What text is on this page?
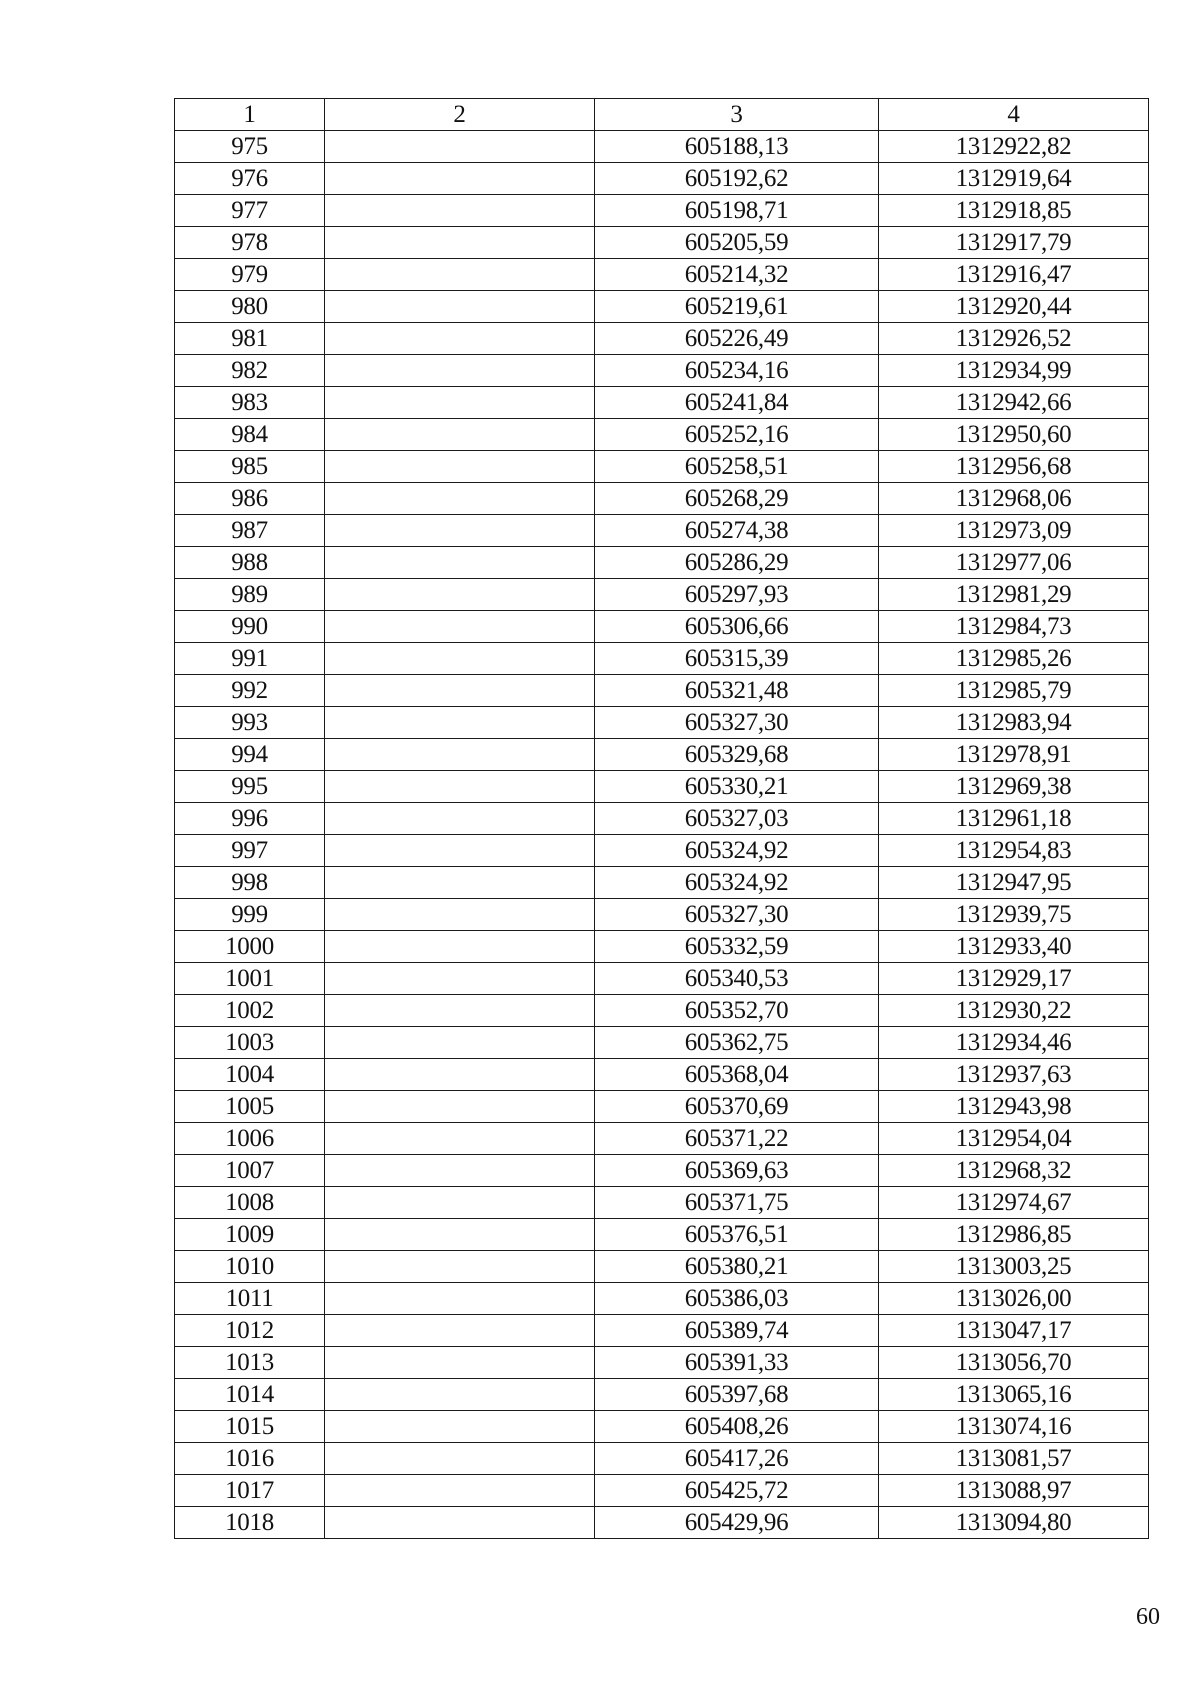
1	2	3	4
975		605188,13	1312922,82
976		605192,62	1312919,64
977		605198,71	1312918,85
978		605205,59	1312917,79
979		605214,32	1312916,47
980		605219,61	1312920,44
981		605226,49	1312926,52
982		605234,16	1312934,99
983		605241,84	1312942,66
984		605252,16	1312950,60
985		605258,51	1312956,68
986		605268,29	1312968,06
987		605274,38	1312973,09
988		605286,29	1312977,06
989		605297,93	1312981,29
990		605306,66	1312984,73
991		605315,39	1312985,26
992		605321,48	1312985,79
993		605327,30	1312983,94
994		605329,68	1312978,91
995		605330,21	1312969,38
996		605327,03	1312961,18
997		605324,92	1312954,83
998		605324,92	1312947,95
999		605327,30	1312939,75
1000		605332,59	1312933,40
1001		605340,53	1312929,17
1002		605352,70	1312930,22
1003		605362,75	1312934,46
1004		605368,04	1312937,63
1005		605370,69	1312943,98
1006		605371,22	1312954,04
1007		605369,63	1312968,32
1008		605371,75	1312974,67
1009		605376,51	1312986,85
1010		605380,21	1313003,25
1011		605386,03	1313026,00
1012		605389,74	1313047,17
1013		605391,33	1313056,70
1014		605397,68	1313065,16
1015		605408,26	1313074,16
1016		605417,26	1313081,57
1017		605425,72	1313088,97
1018		605429,96	1313094,80
60
